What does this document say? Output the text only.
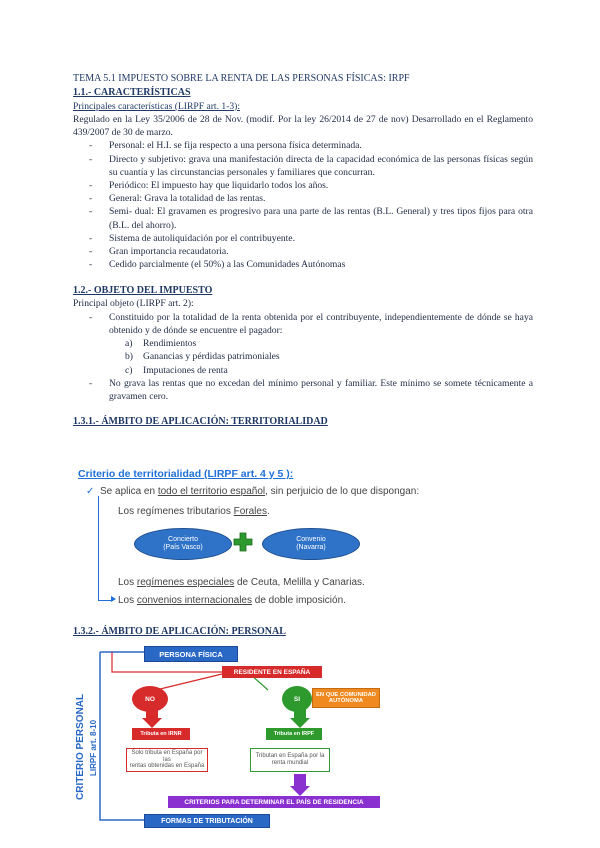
TEMA 5.1 IMPUESTO SOBRE LA RENTA DE LAS PERSONAS FÍSICAS: IRPF

1.1.- CARACTERÍSTICAS

Principales características (LIRPF art. 1-3):

Regulado en la Ley 35/2006 de 28 de Nov. (modif. Por la ley 26/2014 de 27 de nov) Desarrollado en el Reglamento 439/2007 de 30 de marzo.

- Personal: el H.I. se fija respecto a una persona física determinada.
- Directo y subjetivo: grava una manifestación directa de la capacidad económica de las personas físicas según su cuantía y las circunstancias personales y familiares que concurran.
- Periódico: El impuesto hay que liquidarlo todos los años.
- General: Grava la totalidad de las rentas.
- Semi- dual: El gravamen es progresivo para una parte de las rentas (B.L. General) y tres tipos fijos para otra (B.L. del ahorro).
- Sistema de autoliquidación por el contribuyente.
- Gran importancia recaudatoria.
- Cedido parcialmente (el 50%) a las Comunidades Autónomas

1.2.- OBJETO DEL IMPUESTO

Principal objeto (LIRPF art. 2):

- Constituido por la totalidad de la renta obtenida por el contribuyente, independientemente de dónde se haya obtenido y de dónde se encuentre el pagador:
a) Rendimientos
b) Ganancias y pérdidas patrimoniales
c) Imputaciones de renta
- No grava las rentas que no excedan del mínimo personal y familiar. Este mínimo se somete técnicamente a gravamen cero.

1.3.1.- ÁMBITO DE APLICACIÓN: TERRITORIALIDAD

Criterio de territorialidad (LIRPF art. 4 y 5 ):
✓ Se aplica en todo el territorio español, sin perjuicio de lo que dispongan:
Los regímenes tributarios Forales.
Concierto
(País Vasco)
Convenio
(Navarra)
Los regímenes especiales de Ceuta, Melilla y Canarias.
Los convenios internacionales de doble imposición.

1.3.2.- ÁMBITO DE APLICACIÓN: PERSONAL

CRITERIO PERSONAL LIRPF art. 8-10
PERSONA FÍSICA
RESIDENTE EN ESPAÑA
NO	SI
EN QUE COMUNIDAD
AUTÓNOMA
Tributa en IRNR	Tributa en IRPF
Solo tributa en España por las
rentas obtenidas en España
Tributan en España por la
renta mundial
CRITERIOS PARA DETERMINAR EL PAÍS DE RESIDENCIA
FORMAS DE TRIBUTACIÓN
